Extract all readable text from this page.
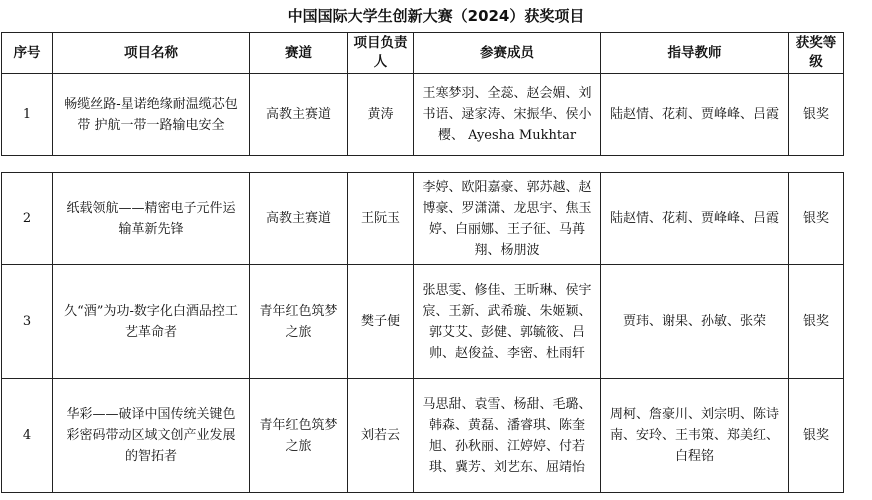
中国国际大学生创新大赛（2024）获奖项目
序号	项目名称	赛道	项目负责人	参赛成员	指导教师	获奖等级
1	畅缆丝路-星诺绝缘耐温缆芯包带 护航一带一路输电安全	高教主赛道	黄涛	王寒梦羽、全蕊、赵会媚、刘书语、逯家涛、宋振华、侯小樱、 Ayesha Mukhtar	陆赵情、花莉、贾峰峰、吕霞	银奖
2	纸载领航——精密电子元件运输革新先锋	高教主赛道	王阮玉	李婷、欧阳嘉豪、郭苏越、赵博豪、罗潇潇、龙思宇、焦玉婷、白丽娜、王子征、马苒翔、杨朋波	陆赵情、花莉、贾峰峰、吕霞	银奖
3	久“酒”为功-数字化白酒品控工艺革命者	青年红色筑梦之旅	樊子便	张思雯、修佳、王昕琳、侯宇宸、王新、武希璇、朱姬颖、郭艾艾、彭健、郭毓筱、吕帅、赵俊益、李密、杜雨轩	贾玮、谢果、孙敏、张荣	银奖
4	华彩——破译中国传统关键色彩密码带动区域文创产业发展的智拓者	青年红色筑梦之旅	刘若云	马思甜、袁雪、杨甜、毛璐、韩森、黄磊、潘睿琪、陈奎旭、孙秋丽、江婷婷、付若琪、冀芳、刘艺东、屈靖怡	周柯、詹豪川、刘宗明、陈诗南、安玲、王韦策、郑美红、白程铭	银奖
